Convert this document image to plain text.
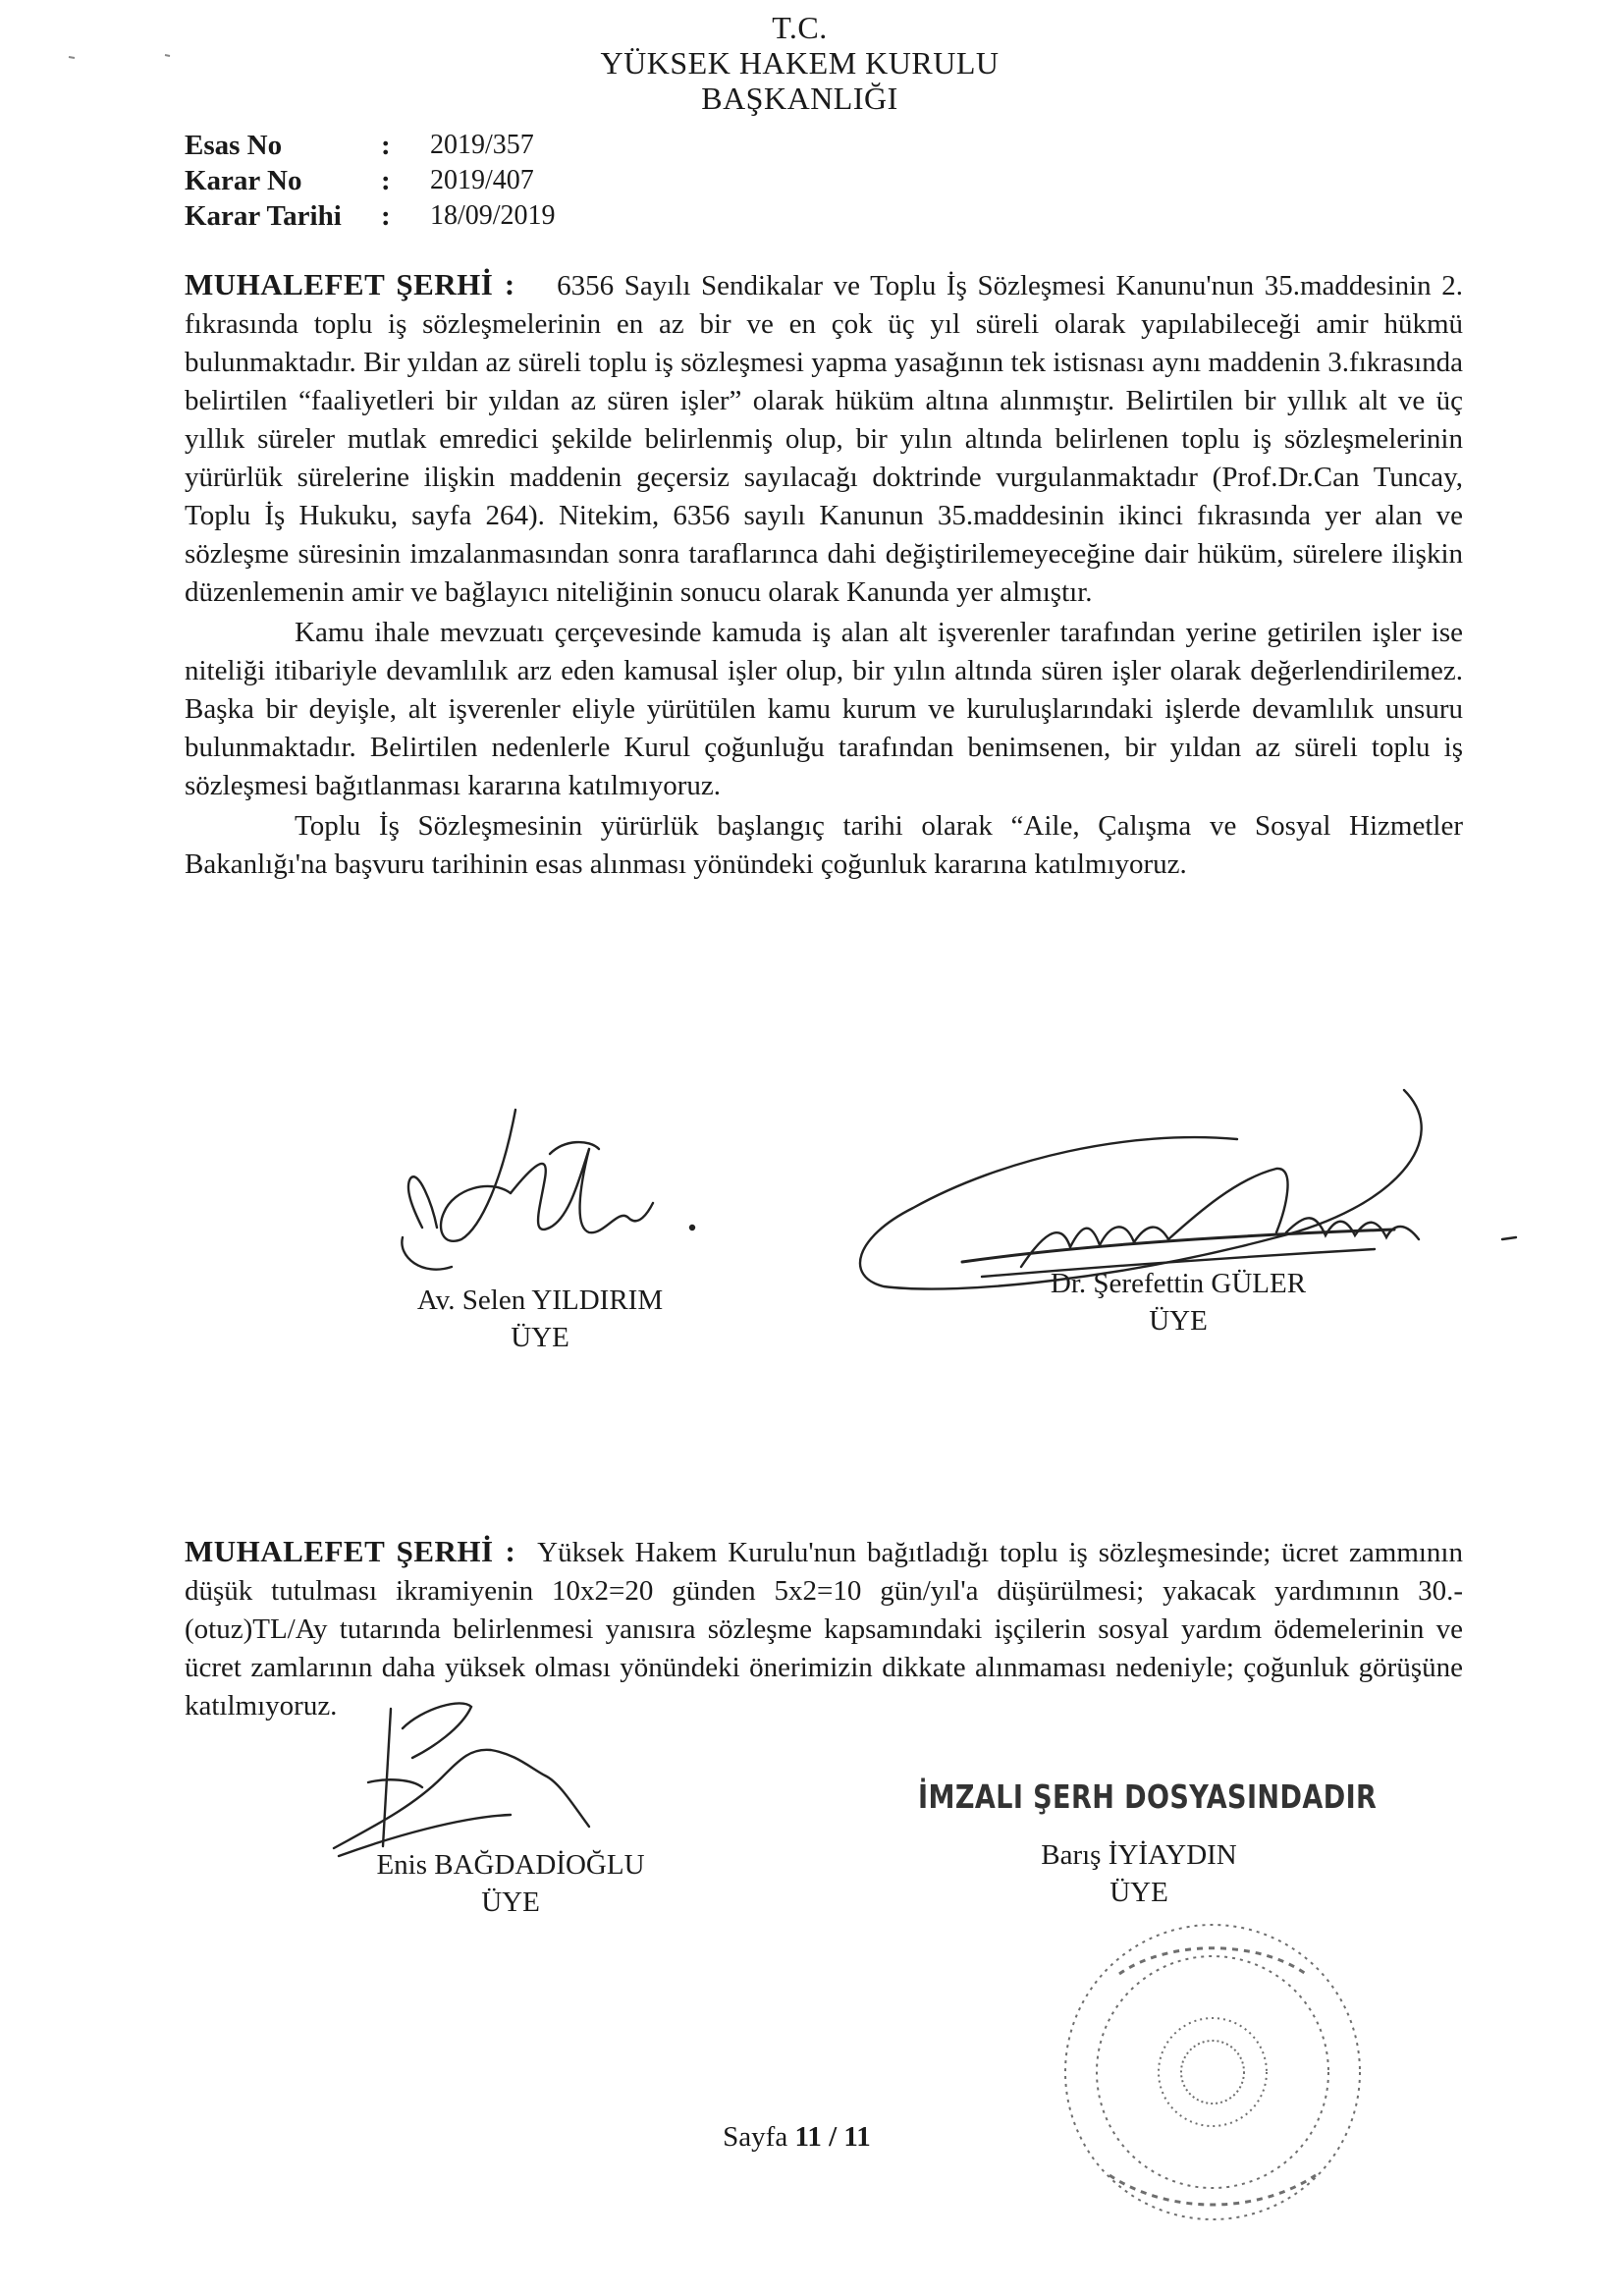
T.C.
YÜKSEK HAKEM KURULU
BAŞKANLIĞI
Esas No	:	2019/357
Karar No	:	2019/407
Karar Tarihi	:	18/09/2019

MUHALEFET ŞERHİ : 6356 Sayılı Sendikalar ve Toplu İş Sözleşmesi Kanunu'nun 35.maddesinin 2. fıkrasında toplu iş sözleşmelerinin en az bir ve en çok üç yıl süreli olarak yapılabileceği amir hükmü bulunmaktadır. Bir yıldan az süreli toplu iş sözleşmesi yapma yasağının tek istisnası aynı maddenin 3.fıkrasında belirtilen “faaliyetleri bir yıldan az süren işler” olarak hüküm altına alınmıştır. Belirtilen bir yıllık alt ve üç yıllık süreler mutlak emredici şekilde belirlenmiş olup, bir yılın altında belirlenen toplu iş sözleşmelerinin yürürlük sürelerine ilişkin maddenin geçersiz sayılacağı doktrinde vurgulanmaktadır (Prof.Dr.Can Tuncay, Toplu İş Hukuku, sayfa 264). Nitekim, 6356 sayılı Kanunun 35.maddesinin ikinci fıkrasında yer alan ve sözleşme süresinin imzalanmasından sonra taraflarınca dahi değiştirilemeyeceğine dair hüküm, sürelere ilişkin düzenlemenin amir ve bağlayıcı niteliğinin sonucu olarak Kanunda yer almıştır.

Kamu ihale mevzuatı çerçevesinde kamuda iş alan alt işverenler tarafından yerine getirilen işler ise niteliği itibariyle devamlılık arz eden kamusal işler olup, bir yılın altında süren işler olarak değerlendirilemez. Başka bir deyişle, alt işverenler eliyle yürütülen kamu kurum ve kuruluşlarındaki işlerde devamlılık unsuru bulunmaktadır. Belirtilen nedenlerle Kurul çoğunluğu tarafından benimsenen, bir yıldan az süreli toplu iş sözleşmesi bağıtlanması kararına katılmıyoruz.

Toplu İş Sözleşmesinin yürürlük başlangıç tarihi olarak “Aile, Çalışma ve Sosyal Hizmetler Bakanlığı'na başvuru tarihinin esas alınması yönündeki çoğunluk kararına katılmıyoruz.

Av. Selen YILDIRIM
ÜYE
Dr. Şerefettin GÜLER
ÜYE

MUHALEFET ŞERHİ : Yüksek Hakem Kurulu'nun bağıtladığı toplu iş sözleşmesinde; ücret zammının düşük tutulması ikramiyenin 10x2=20 günden 5x2=10 gün/yıl'a düşürülmesi; yakacak yardımının 30.-(otuz)TL/Ay tutarında belirlenmesi yanısıra sözleşme kapsamındaki işçilerin sosyal yardım ödemelerinin ve ücret zamlarının daha yüksek olması yönündeki önerimizin dikkate alınmaması nedeniyle; çoğunluk görüşüne katılmıyoruz.

İMZALI ŞERH DOSYASINDADIR
Enis BAĞDADİOĞLU
ÜYE
Barış İYİAYDIN
ÜYE
Sayfa 11 / 11
